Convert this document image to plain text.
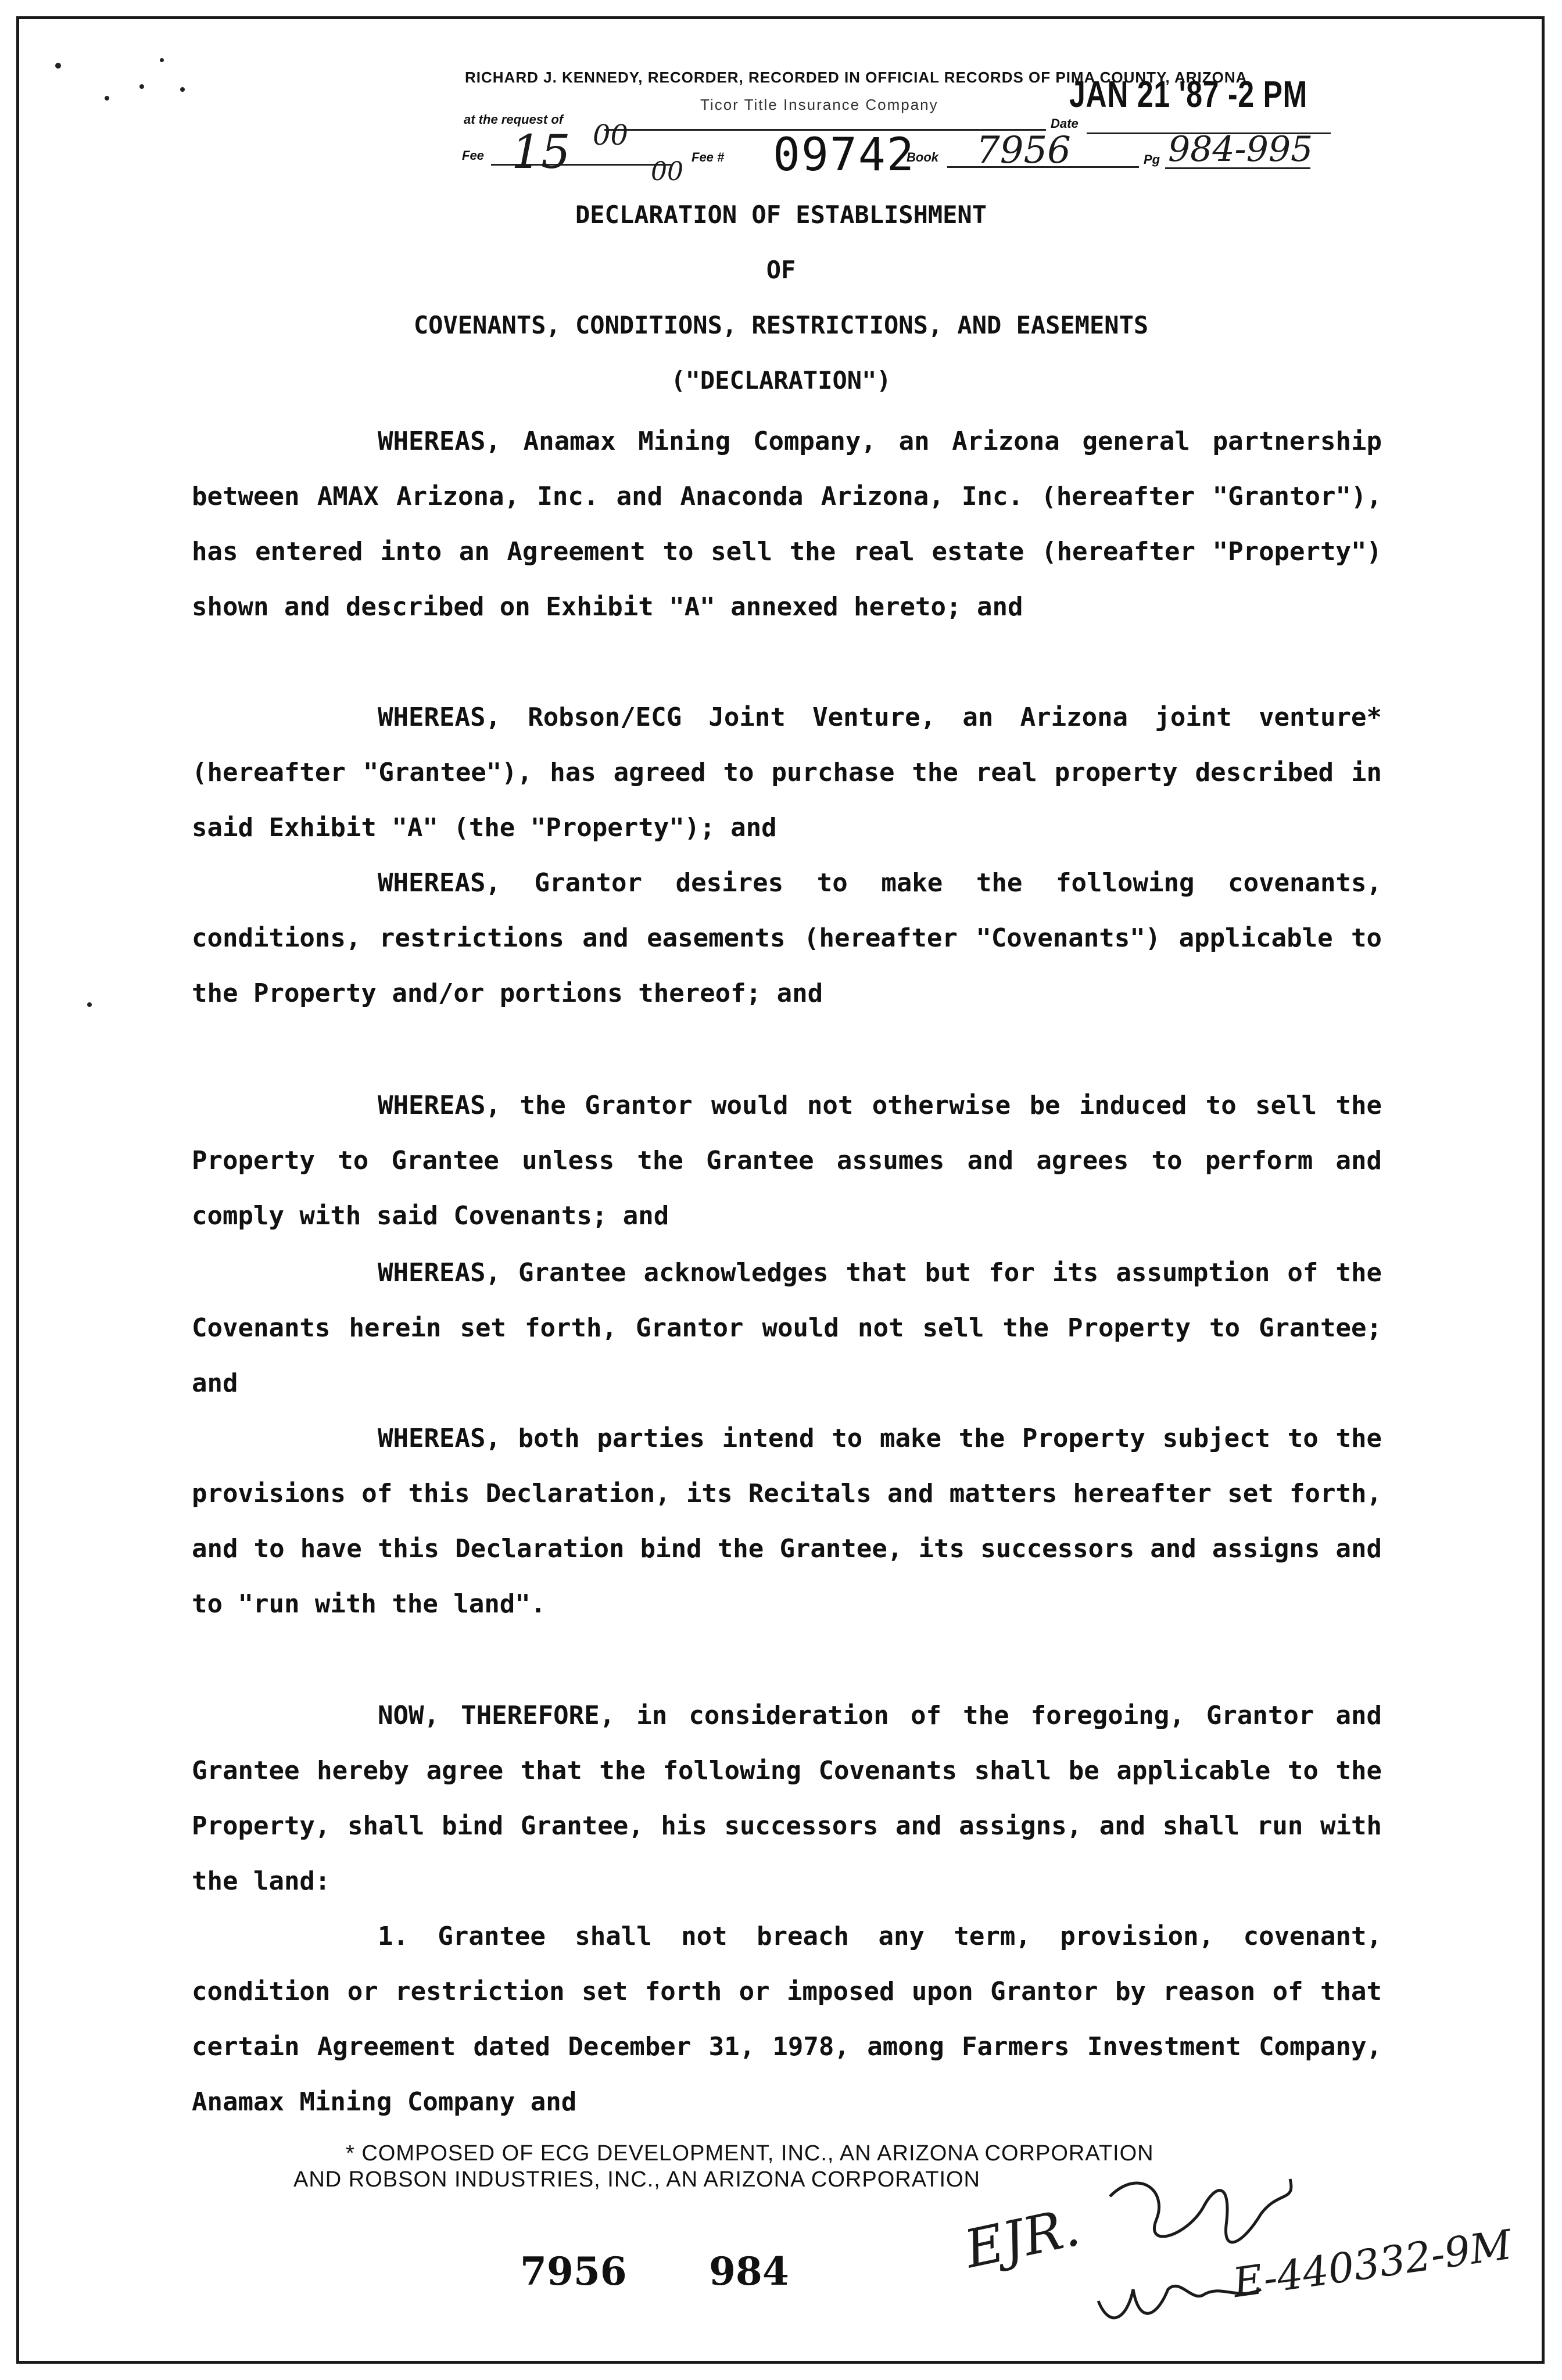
RICHARD J. KENNEDY, RECORDER, RECORDED IN OFFICIAL RECORDS OF PIMA COUNTY, ARIZONA
at the request of
Ticor Title Insurance Company
Date
JAN 21 '87 -2 PM
Fee 15 00
00 Fee # 09742
Book 7956	Pg 984-995
DECLARATION OF ESTABLISHMENT
OF
COVENANTS, CONDITIONS, RESTRICTIONS, AND EASEMENTS
("DECLARATION")

WHEREAS, Anamax Mining Company, an Arizona general partnership between AMAX Arizona, Inc. and Anaconda Arizona, Inc. (hereafter "Grantor"), has entered into an Agreement to sell the real estate (hereafter "Property") shown and described on Exhibit "A" annexed hereto; and

WHEREAS, Robson/ECG Joint Venture, an Arizona joint venture* (hereafter "Grantee"), has agreed to purchase the real property described in said Exhibit "A" (the "Property"); and

WHEREAS, Grantor desires to make the following covenants, conditions, restrictions and easements (hereafter "Covenants") applicable to the Property and/or portions thereof; and

WHEREAS, the Grantor would not otherwise be induced to sell the Property to Grantee unless the Grantee assumes and agrees to perform and comply with said Covenants; and

WHEREAS, Grantee acknowledges that but for its assumption of the Covenants herein set forth, Grantor would not sell the Property to Grantee; and

WHEREAS, both parties intend to make the Property subject to the provisions of this Declaration, its Recitals and matters hereafter set forth, and to have this Declaration bind the Grantee, its successors and assigns and to "run with the land".

NOW, THEREFORE, in consideration of the foregoing, Grantor and Grantee hereby agree that the following Covenants shall be applicable to the Property, shall bind Grantee, his successors and assigns, and shall run with the land:

1. Grantee shall not breach any term, provision, covenant, condition or restriction set forth or imposed upon Grantor by reason of that certain Agreement dated December 31, 1978, among Farmers Investment Company, Anamax Mining Company and

* COMPOSED OF ECG DEVELOPMENT, INC., AN ARIZONA CORPORATION
AND ROBSON INDUSTRIES, INC., AN ARIZONA CORPORATION
7956 984	EJR.	E-440332-9M
